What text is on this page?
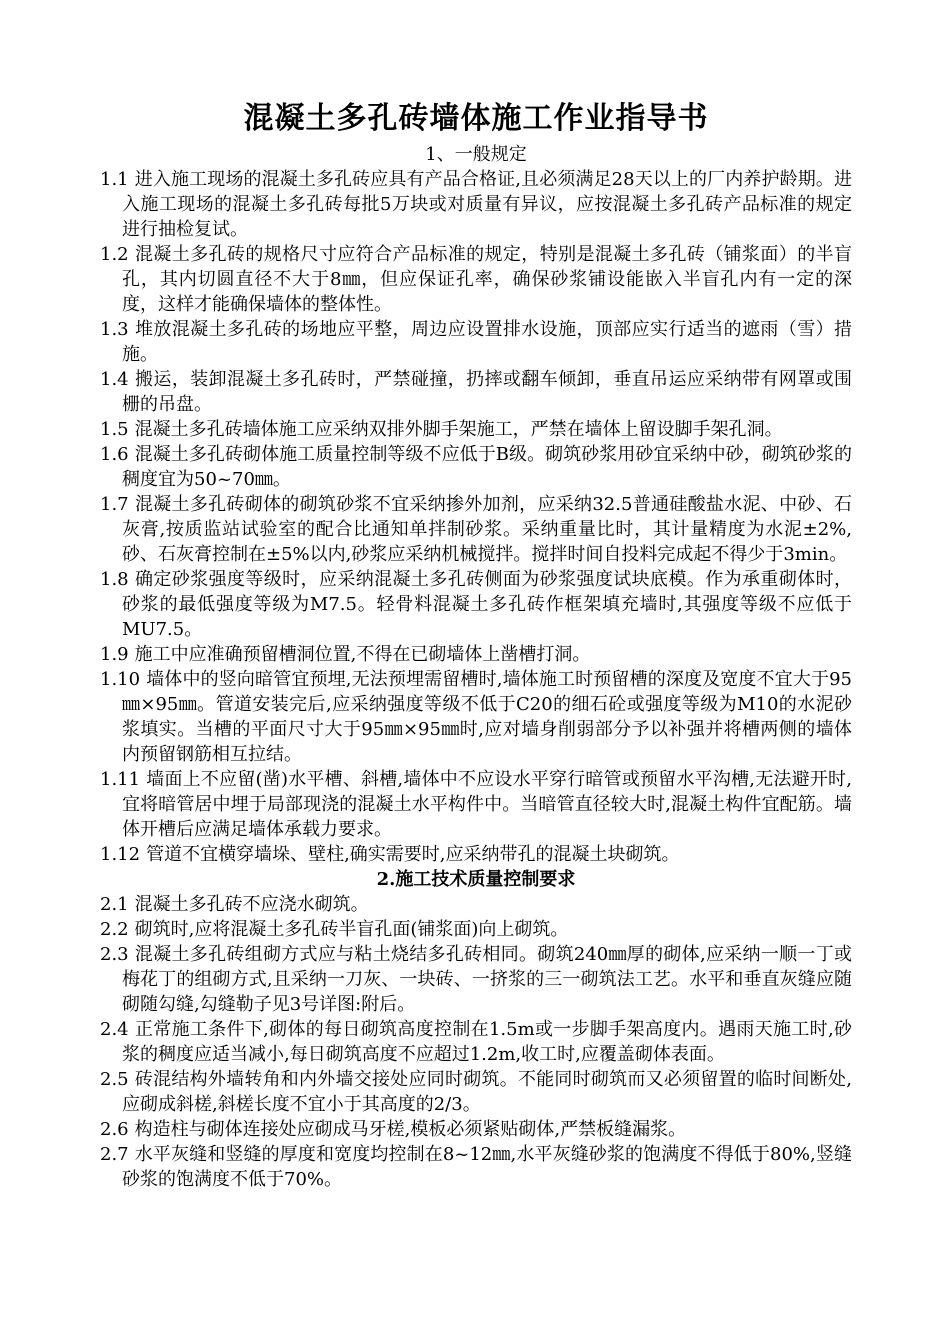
混凝土多孔砖墙体施工作业指导书

1、一般规定

1.1 进入施工现场的混凝土多孔砖应具有产品合格证,且必须满足28天以上的厂内养护龄期。进入施工现场的混凝土多孔砖每批5万块或对质量有异议，应按混凝土多孔砖产品标准的规定进行抽检复试。

1.2 混凝土多孔砖的规格尺寸应符合产品标准的规定，特别是混凝土多孔砖（铺浆面）的半盲孔，其内切圆直径不大于8㎜，但应保证孔率，确保砂浆铺设能嵌入半盲孔内有一定的深度，这样才能确保墙体的整体性。

1.3 堆放混凝土多孔砖的场地应平整，周边应设置排水设施，顶部应实行适当的遮雨（雪）措施。

1.4 搬运，装卸混凝土多孔砖时，严禁碰撞，扔摔或翻车倾卸，垂直吊运应采纳带有网罩或围栅的吊盘。

1.5 混凝土多孔砖墙体施工应采纳双排外脚手架施工，严禁在墙体上留设脚手架孔洞。

1.6 混凝土多孔砖砌体施工质量控制等级不应低于B级。砌筑砂浆用砂宜采纳中砂，砌筑砂浆的稠度宜为50~70㎜。

1.7 混凝土多孔砖砌体的砌筑砂浆不宜采纳掺外加剂，应采纳32.5普通硅酸盐水泥、中砂、石灰膏,按质监站试验室的配合比通知单拌制砂浆。采纳重量比时，其计量精度为水泥±2%,砂、石灰膏控制在±5%以内,砂浆应采纳机械搅拌。搅拌时间自投料完成起不得少于3min。

1.8 确定砂浆强度等级时，应采纳混凝土多孔砖侧面为砂浆强度试块底模。作为承重砌体时，砂浆的最低强度等级为M7.5。轻骨料混凝土多孔砖作框架填充墙时,其强度等级不应低于MU7.5。

1.9 施工中应准确预留槽洞位置,不得在已砌墙体上凿槽打洞。

1.10 墙体中的竖向暗管宜预埋,无法预埋需留槽时,墙体施工时预留槽的深度及宽度不宜大于95㎜×95㎜。管道安装完后,应采纳强度等级不低于C20的细石砼或强度等级为M10的水泥砂浆填实。当槽的平面尺寸大于95㎜×95㎜时,应对墙身削弱部分予以补强并将槽两侧的墙体内预留钢筋相互拉结。

1.11 墙面上不应留(凿)水平槽、斜槽,墙体中不应设水平穿行暗管或预留水平沟槽,无法避开时,宜将暗管居中埋于局部现浇的混凝土水平构件中。当暗管直径较大时,混凝土构件宜配筋。墙体开槽后应满足墙体承载力要求。

1.12 管道不宜横穿墙垛、壁柱,确实需要时,应采纳带孔的混凝土块砌筑。

2.施工技术质量控制要求

2.1 混凝土多孔砖不应浇水砌筑。

2.2 砌筑时,应将混凝土多孔砖半盲孔面(铺浆面)向上砌筑。

2.3 混凝土多孔砖组砌方式应与粘土烧结多孔砖相同。砌筑240㎜厚的砌体,应采纳一顺一丁或梅花丁的组砌方式,且采纳一刀灰、一块砖、一挤浆的三一砌筑法工艺。水平和垂直灰缝应随砌随勾缝,勾缝勒子见3号详图:附后。

2.4 正常施工条件下,砌体的每日砌筑高度控制在1.5m或一步脚手架高度内。遇雨天施工时,砂浆的稠度应适当减小,每日砌筑高度不应超过1.2m,收工时,应覆盖砌体表面。

2.5 砖混结构外墙转角和内外墙交接处应同时砌筑。不能同时砌筑而又必须留置的临时间断处,应砌成斜槎,斜槎长度不宜小于其高度的2/3。

2.6 构造柱与砌体连接处应砌成马牙槎,模板必须紧贴砌体,严禁板缝漏浆。

2.7 水平灰缝和竖缝的厚度和宽度均控制在8~12㎜,水平灰缝砂浆的饱满度不得低于80%,竖缝砂浆的饱满度不低于70%。
